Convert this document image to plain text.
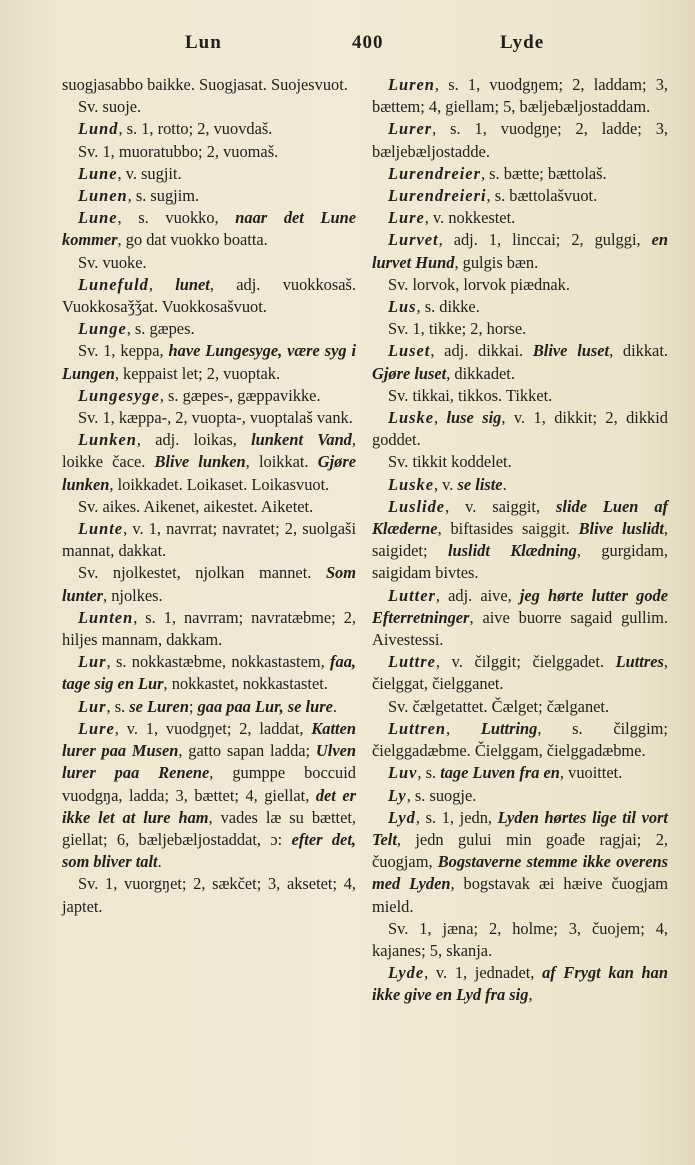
Lun	400	Lyde

suogjasabbo baikke. Suogjasat. Suojesvuot.

Sv. suoje.

Lund, s. 1, rotto; 2, vuovdaš.

Sv. 1, muoratubbo; 2, vuomaš.

Lune, v. sugjit.

Lunen, s. sugjim.

Lune, s. vuokko, naar det Lune kommer, go dat vuokko boatta.

Sv. vuoke.

Lunefuld, lunet, adj. vuokkosaš. Vuokkosaǯǯat. Vuokkosašvuot.

Lunge, s. gæpes.

Sv. 1, keppa, have Lungesyge, være syg i Lungen, keppaist let; 2, vuoptak.

Lungesyge, s. gæpes-, gæppavikke.

Sv. 1, kæppa-, 2, vuopta-, vuoptalaš vank.

Lunken, adj. loikas, lunkent Vand, loikke čace. Blive lunken, loikkat. Gjøre lunken, loikkadet. Loikaset. Loikasvuot.

Sv. aikes. Aikenet, aikestet. Aiketet.

Lunte, v. 1, navrrat; navratet; 2, suolgaši mannat, dakkat.

Sv. njolkestet, njolkan mannet. Som lunter, njolkes.

Lunten, s. 1, navrram; navratæbme; 2, hiljes mannam, dakkam.

Lur, s. nokkastæbme, nokkastastem, faa, tage sig en Lur, nokkastet, nokkastastet.

Lur, s. se Luren; gaa paa Lur, se lure.

Lure, v. 1, vuodgŋet; 2, laddat, Katten lurer paa Musen, gatto sapan ladda; Ulven lurer paa Renene, gumppe boccuid vuodgŋa, ladda; 3, bættet; 4, giellat, det er ikke let at lure ham, vades læ su bættet, giellat; 6, bæljebæljostaddat, ɔ: efter det, som bliver talt.

Sv. 1, vuorgŋet; 2, sækčet; 3, aksetet; 4, japtet.

Luren, s. 1, vuodgŋem; 2, laddam; 3, bættem; 4, giellam; 5, bæljebæljostaddam.

Lurer, s. 1, vuodgŋe; 2, ladde; 3, bæljebæljostadde.

Lurendreier, s. bætte; bættolaš.

Lurendreieri, s. bættolašvuot.

Lure, v. nokkestet.

Lurvet, adj. 1, linccai; 2, gulggi, en lurvet Hund, gulgis bæn.

Sv. lorvok, lorvok piædnak.

Lus, s. dikke.

Sv. 1, tikke; 2, horse.

Luset, adj. dikkai. Blive luset, dikkat. Gjøre luset, dikkadet.

Sv. tikkai, tikkos. Tikket.

Luske, luse sig, v. 1, dikkit; 2, dikkid goddet.

Sv. tikkit koddelet.

Luske, v. se liste.

Luslide, v. saiggit, slide Luen af Klæderne, biftasides saiggit. Blive luslidt, saigidet; luslidt Klædning, gurgidam, saigidam bivtes.

Lutter, adj. aive, jeg hørte lutter gode Efterretninger, aive buorre sagaid gullim. Aivestessi.

Luttre, v. čilggit; čielggadet. Luttres, čielggat, čielgganet.

Sv. čælgetattet. Čælget; čælganet.

Luttren, Luttring, s. čilggim; čielggadæbme. Čielggam, čielggadæbme.

Luv, s. tage Luven fra en, vuoittet.

Ly, s. suogje.

Lyd, s. 1, jedn, Lyden hørtes lige til vort Telt, jedn gului min goađe ragjai; 2, čuogjam, Bogstaverne stemme ikke overens med Lyden, bogstavak æi hæive čuogjam mield.

Sv. 1, jæna; 2, holme; 3, čuojem; 4, kajanes; 5, skanja.

Lyde, v. 1, jednadet, af Frygt kan han ikke give en Lyd fra sig,
